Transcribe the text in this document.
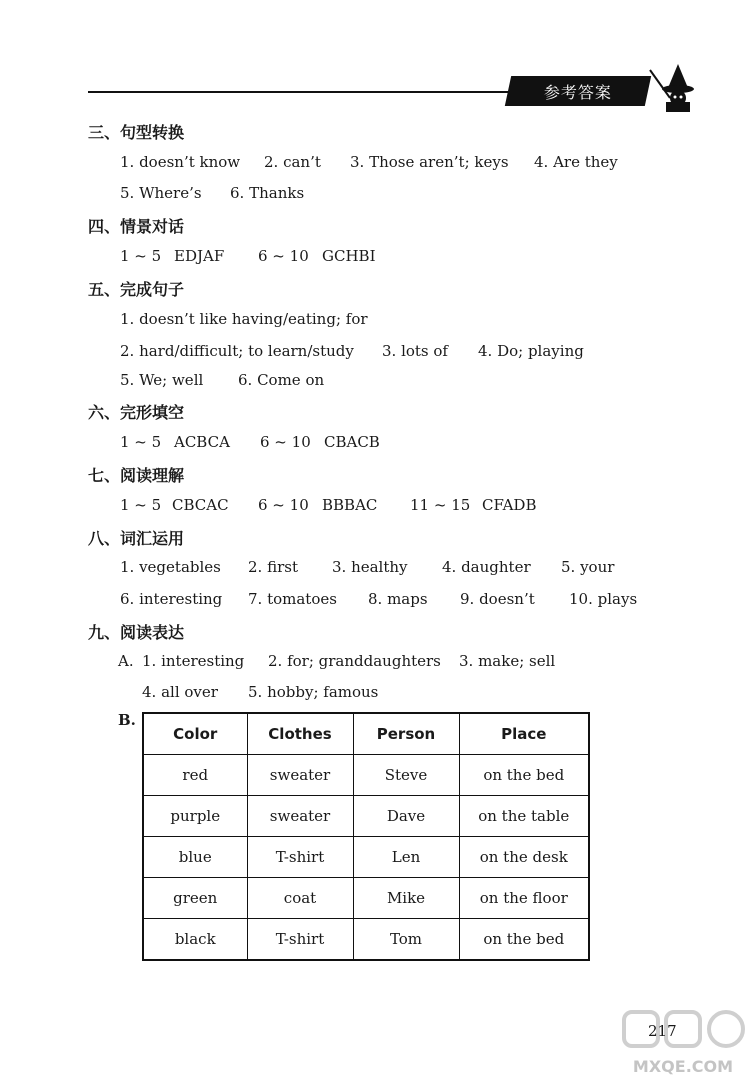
参考答案
三、句型转换
1. doesn’t know 2. can’t 3. Those aren’t; keys 4. Are they
5. Where’s 6. Thanks
四、情景对话
1 ~ 5 EDJAF 6 ~ 10 GCHBI
五、完成句子
1. doesn’t like having/eating; for
2. hard/difficult; to learn/study 3. lots of 4. Do; playing
5. We; well 6. Come on
六、完形填空
1 ~ 5 ACBCA 6 ~ 10 CBACB
七、阅读理解
1 ~ 5 CBCAC 6 ~ 10 BBBAC 11 ~ 15 CFADB
八、词汇运用
1. vegetables 2. first 3. healthy 4. daughter 5. your
6. interesting 7. tomatoes 8. maps 9. doesn’t 10. plays
九、阅读表达
A. 1. interesting 2. for; granddaughters 3. make; sell
4. all over 5. hobby; famous
B.
Color	Clothes	Person	Place
red	sweater	Steve	on the bed
purple	sweater	Dave	on the table
blue	T-shirt	Len	on the desk
green	coat	Mike	on the floor
black	T-shirt	Tom	on the bed
MXQE.COM
217
